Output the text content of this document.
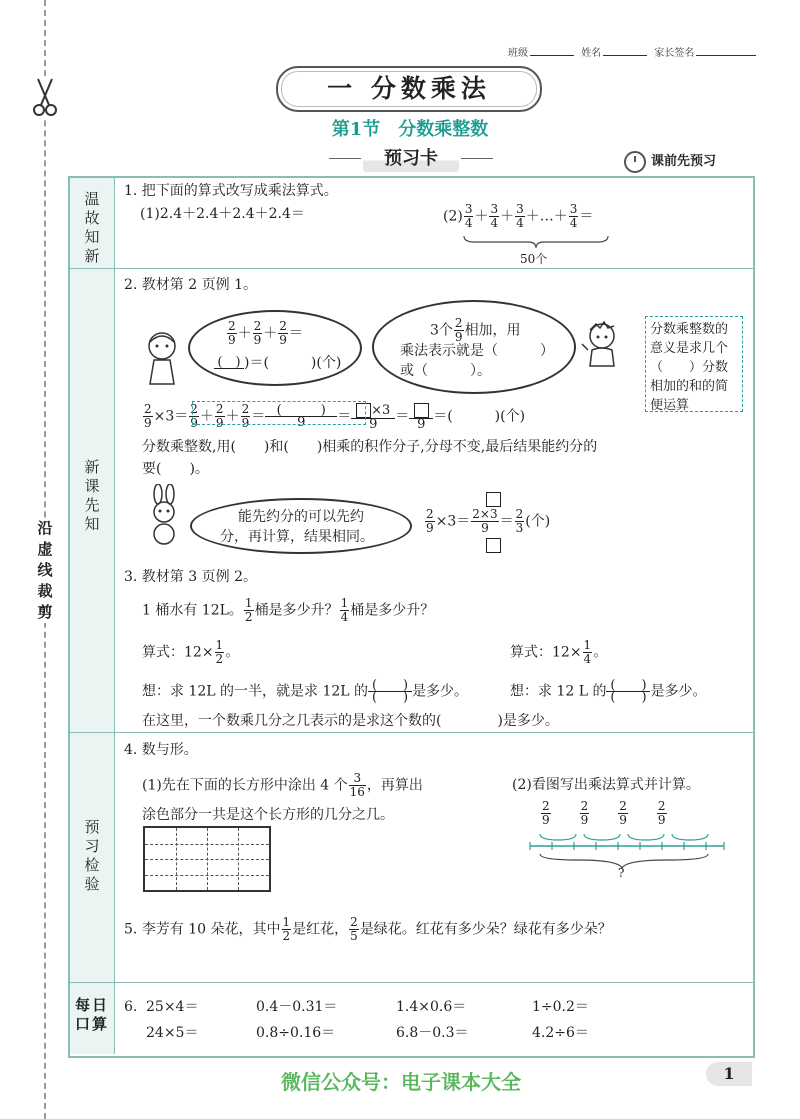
沿虚线裁剪
班级	姓名	家长签名
一 分数乘法
第1节　分数乘整数
预习卡	课前先预习
温故知新
新课先知
预习检验
每日口算
1. 把下面的算式改写成乘法算式。
(1)2.4＋2.4＋2.4＋2.4＝	$(2) \frac{3}{4} + \frac{3}{4} + \frac{3}{4}$ ＋…＋ $\frac{3}{4}$ ＝
50个
2. 教材第 2 页例 1。
$\frac{2}{9} + \frac{2}{9} + \frac{2}{9}$ ＝
(　) )＝(　　　)(个)
3个 $\frac{2}{9}$ 相加，用
乘法表示就是（　　　）
或（　　　）。
分数乘整数的意义是求几个（　　）分数相加的和的简便运算
$\frac{2}{9} \times 3= \frac{2}{9} + \frac{2}{9} + \frac{2}{9} = \frac{( )}{9}= \frac{\times 3}{9}= 9$ ＝(　　　)(个)
分数乘整数,用(　　)和(　　)相乘的积作分子,分母不变,最后结果能约分的
要(　　)。
能先约分的可以先约
分，再计算，结果相同。
$\frac{2}{9} \times 3= \frac{2\times 3}{9} = \frac{2}{3}$ (个)
3. 教材第 3 页例 2。
1 桶水有 12L。 $\frac{1}{2}$ 桶是多少升？ $\frac{1}{4}$ 桶是多少升？
算式：$12\times \frac{1}{2}$ 。	算式：$12\times \frac{1}{4}$ 。
想：求 12L 的一半，就是求 12L 的 $\frac{( )}{( )}$是多少。	想：求 12 L 的 $\frac{( )}{( )}$是多少。
在这里，一个数乘几分之几表示的是求这个数的(　　　　)是多少。
4. 数与形。
(1)先在下面的长方形中涂出 4 个 $\frac{3}{16}$ ，再算出
涂色部分一共是这个长方形的几分之几。
(2)看图写出乘法算式并计算。
$\frac{2}{9} \frac{2}{9} \frac{2}{9} \frac{2}{9}$
?
5. 李芳有 10 朵花，其中 $\frac{1}{2}$ 是红花， $\frac{2}{5}$ 是绿花。红花有多少朵？绿花有多少朵？
6. 25×4＝	0.4－0.31＝	1.4×0.6＝	1÷0.2＝
24×5＝	0.8÷0.16＝	6.8－0.3＝	4.2÷6＝
微信公众号：电子课本大全	1
